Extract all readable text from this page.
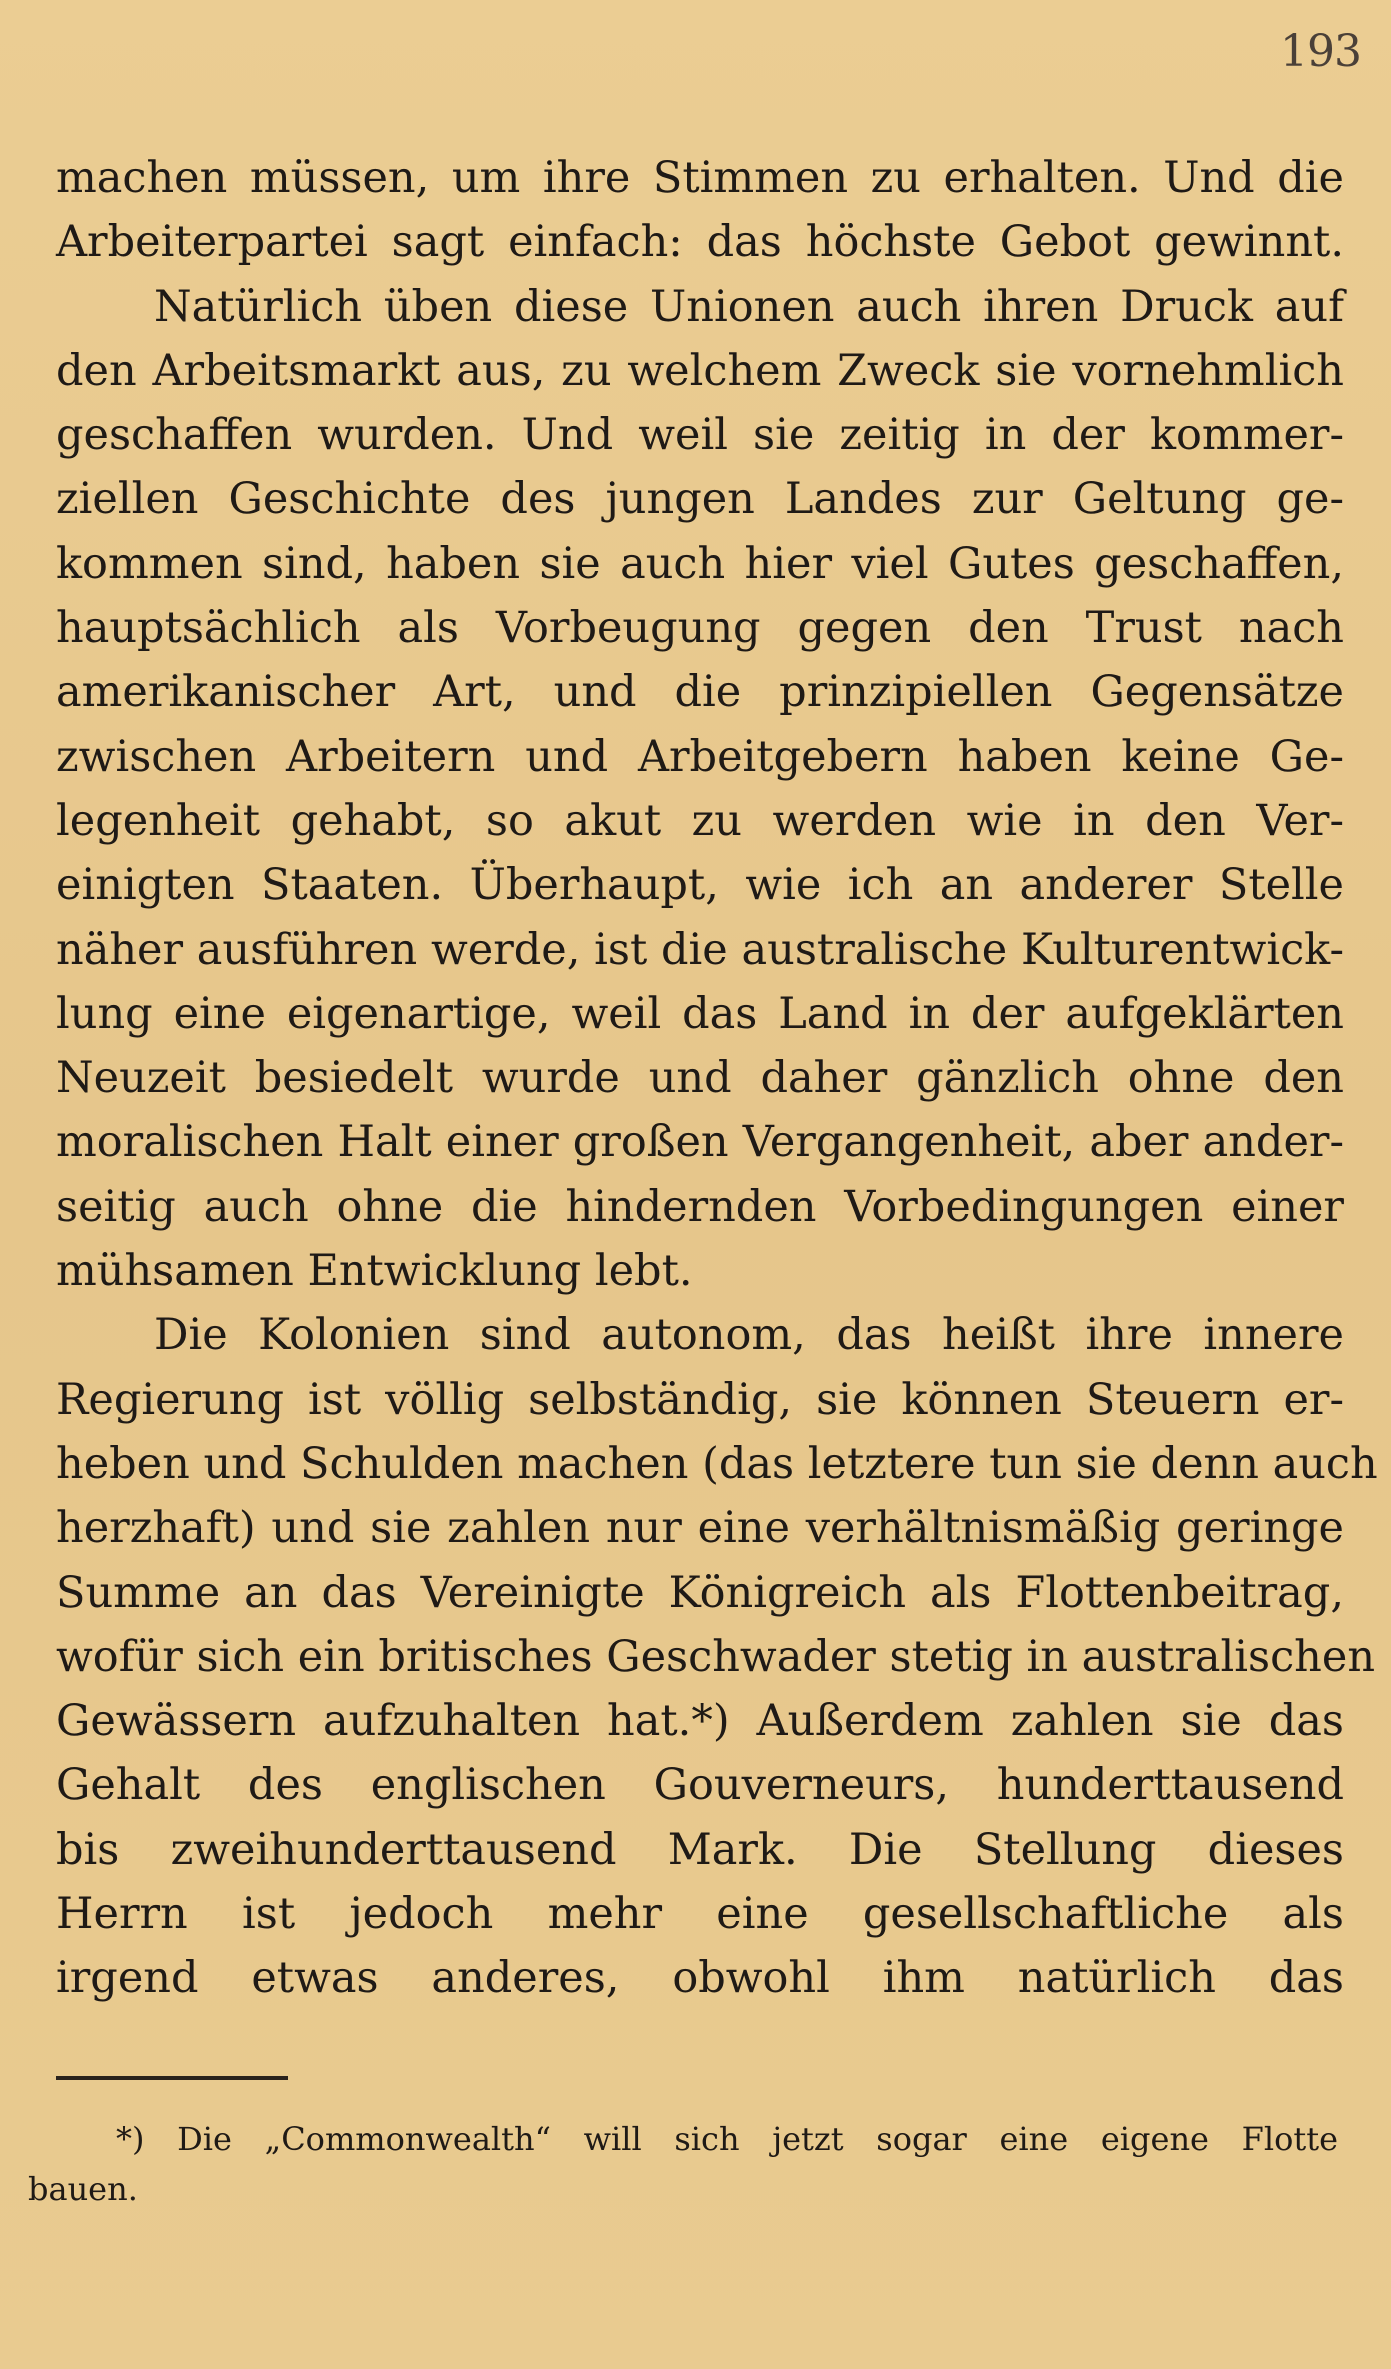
193
machen müssen, um ihre Stimmen zu erhalten. Und die
Arbeiterpartei sagt einfach: das höchste Gebot gewinnt.
Natürlich üben diese Unionen auch ihren Druck auf
den Arbeitsmarkt aus, zu welchem Zweck sie vornehmlich
geschaffen wurden. Und weil sie zeitig in der kommer-
ziellen Geschichte des jungen Landes zur Geltung ge-
kommen sind, haben sie auch hier viel Gutes geschaffen,
hauptsächlich als Vorbeugung gegen den Trust nach
amerikanischer Art, und die prinzipiellen Gegensätze
zwischen Arbeitern und Arbeitgebern haben keine Ge-
legenheit gehabt, so akut zu werden wie in den Ver-
einigten Staaten. Überhaupt, wie ich an anderer Stelle
näher ausführen werde, ist die australische Kulturentwick-
lung eine eigenartige, weil das Land in der aufgeklärten
Neuzeit besiedelt wurde und daher gänzlich ohne den
moralischen Halt einer großen Vergangenheit, aber ander-
seitig auch ohne die hindernden Vorbedingungen einer
mühsamen Entwicklung lebt.
Die Kolonien sind autonom, das heißt ihre innere
Regierung ist völlig selbständig, sie können Steuern er-
heben und Schulden machen (das letztere tun sie denn auch
herzhaft) und sie zahlen nur eine verhältnismäßig geringe
Summe an das Vereinigte Königreich als Flottenbeitrag,
wofür sich ein britisches Geschwader stetig in australischen
Gewässern aufzuhalten hat.*) Außerdem zahlen sie das
Gehalt des englischen Gouverneurs, hunderttausend
bis zweihunderttausend Mark. Die Stellung dieses
Herrn ist jedoch mehr eine gesellschaftliche als
irgend etwas anderes, obwohl ihm natürlich das
*) Die „Commonwealth“ will sich jetzt sogar eine eigene Flotte
bauen.
